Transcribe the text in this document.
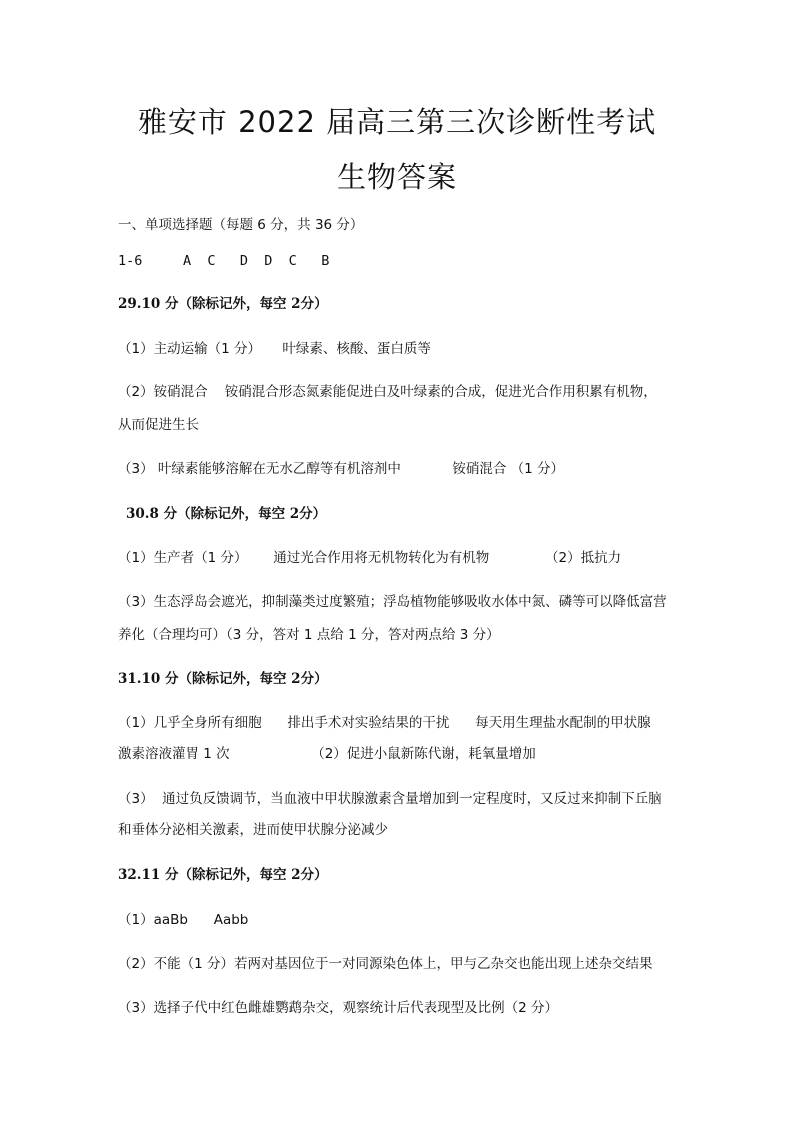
雅安市 2022 届高三第三次诊断性考试
生物答案
一、单项选择题（每题 6 分，共 36 分）
1-6     A  C   D  D  C   B
29.10 分（除标记外，每空 2分）
（1）主动运输（1 分）     叶绿素、核酸、蛋白质等
（2）铵硝混合    铵硝混合形态氮素能促进白及叶绿素的合成，促进光合作用积累有机物，
从而促进生长
（3） 叶绿素能够溶解在无水乙醇等有机溶剂中            铵硝混合 （1 分）
30.8 分（除标记外，每空 2分）
（1）生产者（1 分）      通过光合作用将无机物转化为有机物             （2）抵抗力
（3）生态浮岛会遮光，抑制藻类过度繁殖；浮岛植物能够吸收水体中氮、磷等可以降低富营
养化（合理均可）（3 分，答对 1 点给 1 分，答对两点给 3 分）
31.10 分（除标记外，每空 2分）
（1）几乎全身所有细胞      排出手术对实验结果的干扰      每天用生理盐水配制的甲状腺
激素溶液灌胃 1 次                   （2）促进小鼠新陈代谢，耗氧量增加
（3）  通过负反馈调节，当血液中甲状腺激素含量增加到一定程度时，又反过来抑制下丘脑
和垂体分泌相关激素，进而使甲状腺分泌减少
32.11 分（除标记外，每空 2分）
（1）aaBb      Aabb
（2）不能（1 分）若两对基因位于一对同源染色体上，甲与乙杂交也能出现上述杂交结果
（3）选择子代中红色雌雄鹦鹉杂交，观察统计后代表现型及比例（2 分）
